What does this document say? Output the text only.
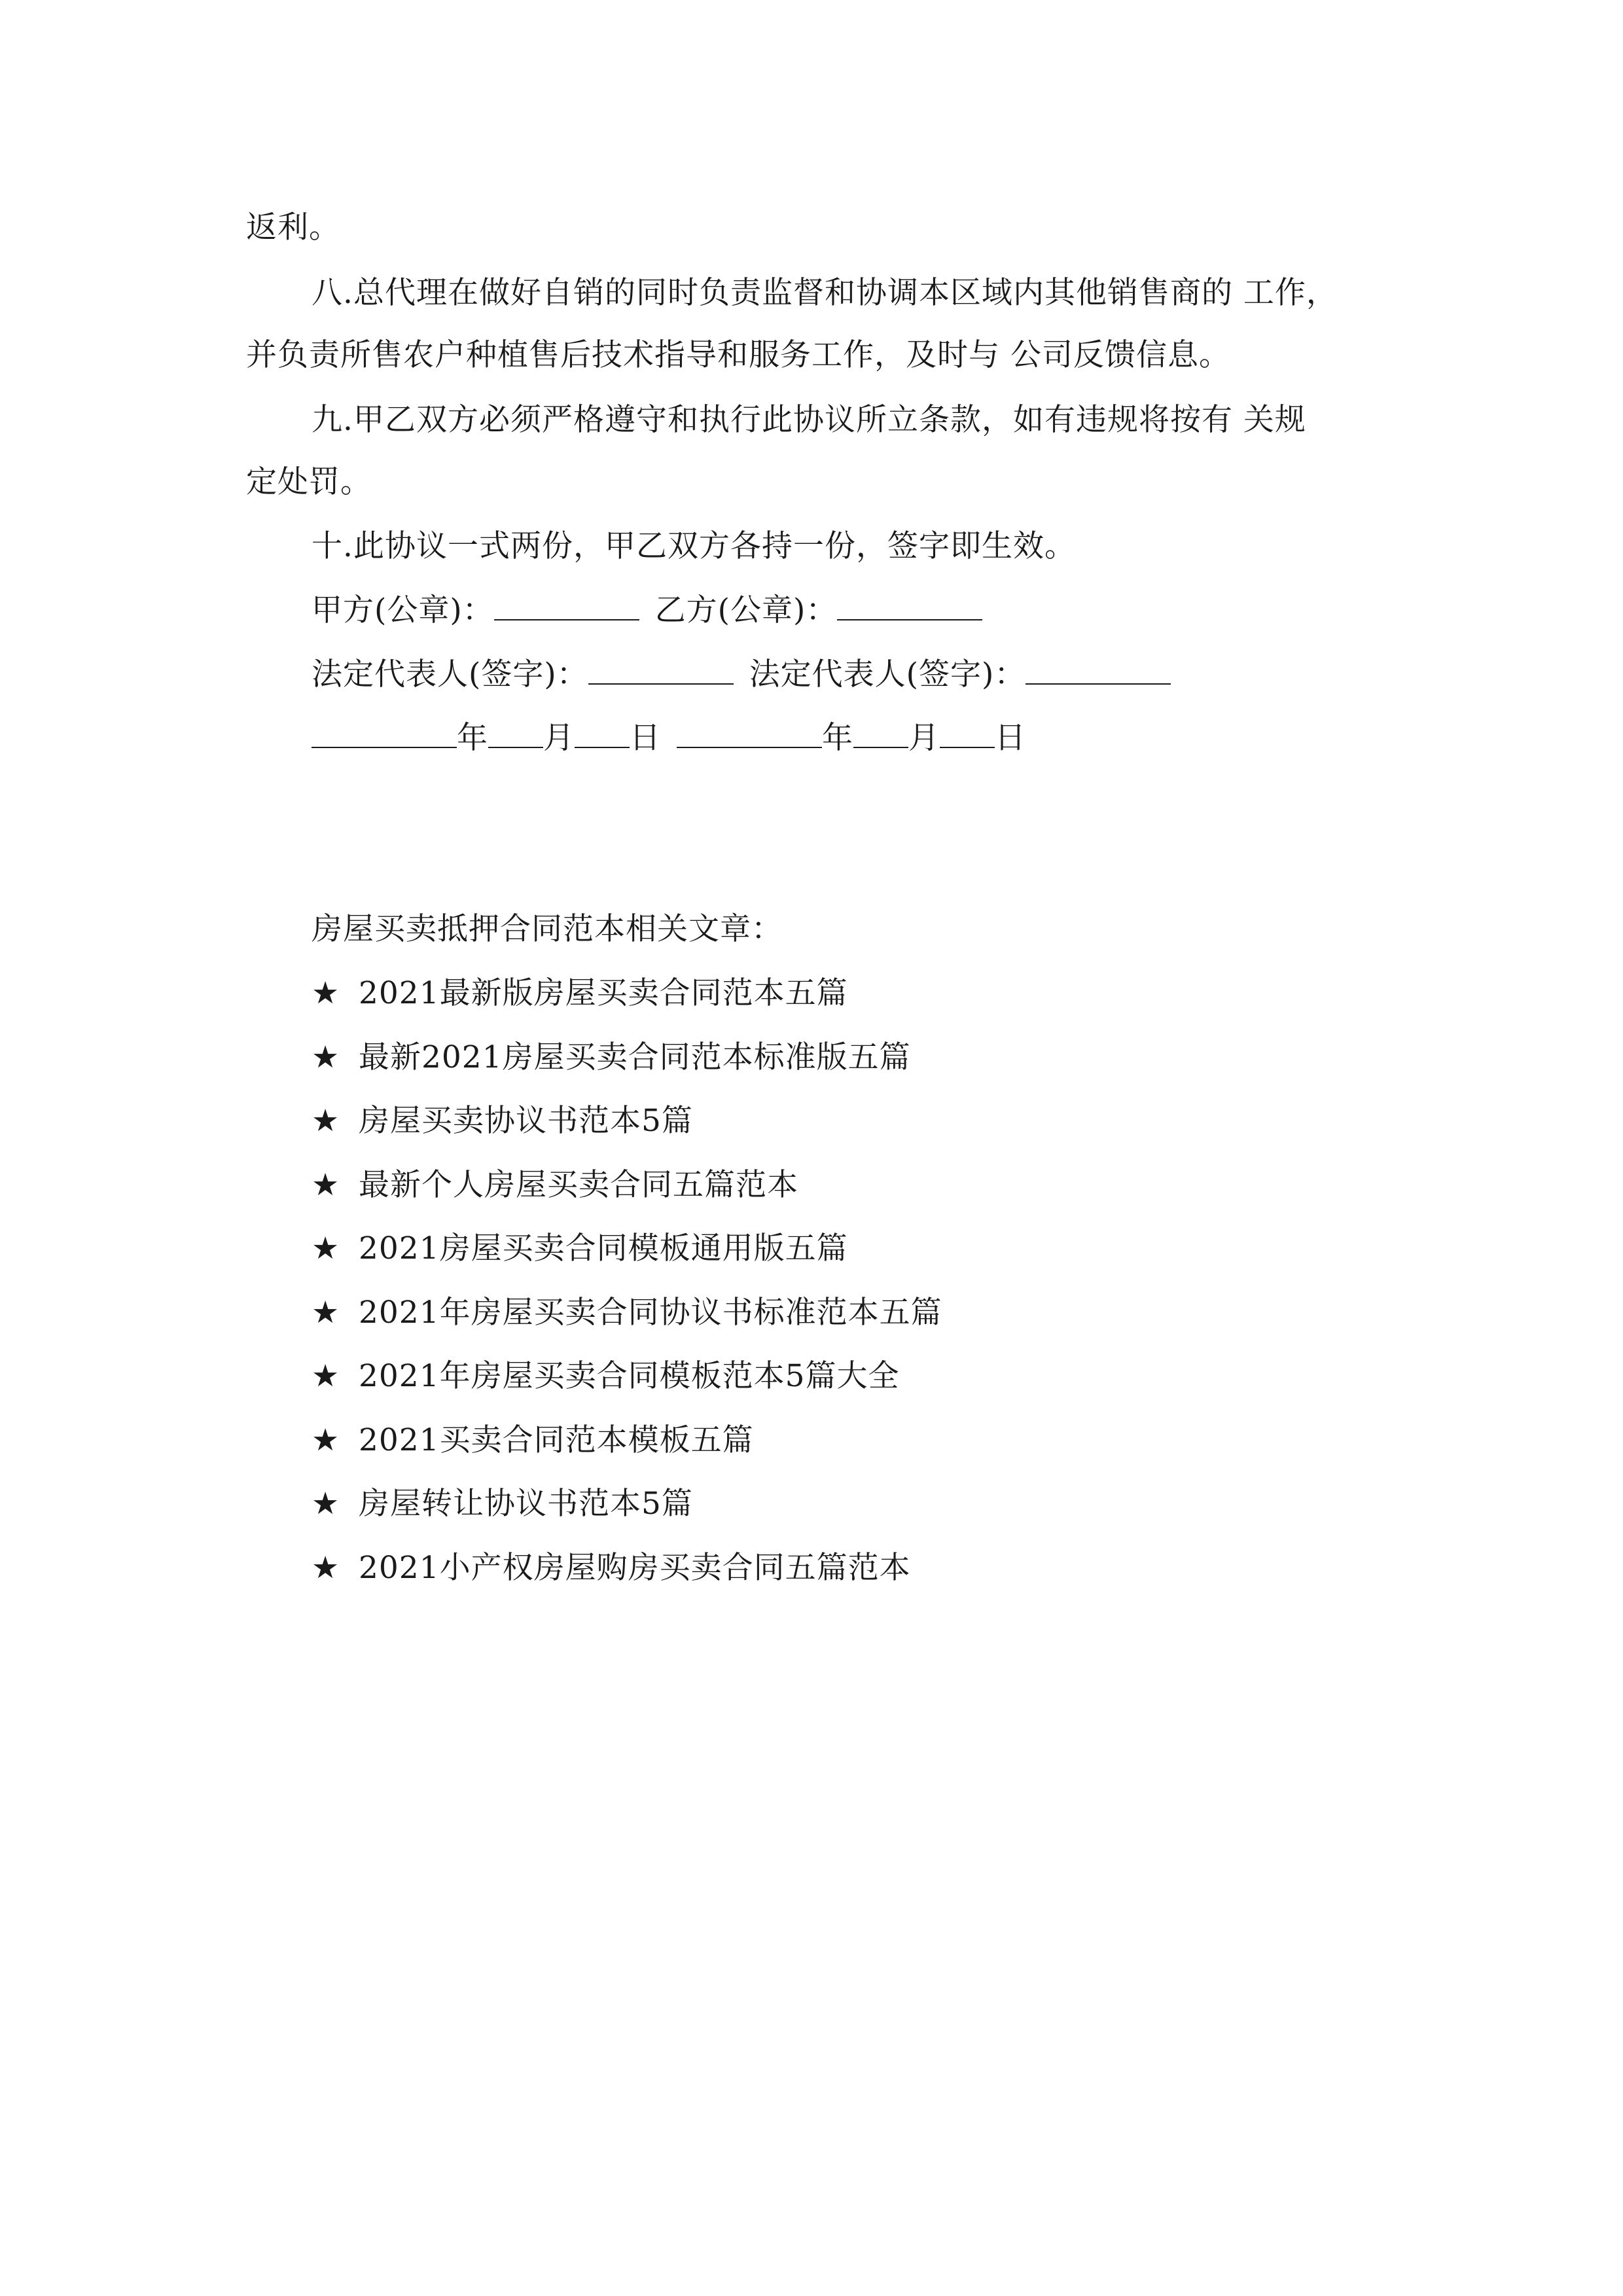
返利。
八.总代理在做好自销的同时负责监督和协调本区域内其他销售商的 工作，
并负责所售农户种植售后技术指导和服务工作，及时与 公司反馈信息。
九.甲乙双方必须严格遵守和执行此协议所立条款，如有违规将按有 关规
定处罚。
十.此协议一式两份，甲乙双方各持一份，签字即生效。
甲方(公章)：	乙方(公章)：
法定代表人(签字)：	法定代表人(签字)：
年 月 日	年 月 日
房屋买卖抵押合同范本相关文章：
★ 2021最新版房屋买卖合同范本五篇
★ 最新2021房屋买卖合同范本标准版五篇
★ 房屋买卖协议书范本5篇
★ 最新个人房屋买卖合同五篇范本
★ 2021房屋买卖合同模板通用版五篇
★ 2021年房屋买卖合同协议书标准范本五篇
★ 2021年房屋买卖合同模板范本5篇大全
★ 2021买卖合同范本模板五篇
★ 房屋转让协议书范本5篇
★ 2021小产权房屋购房买卖合同五篇范本
